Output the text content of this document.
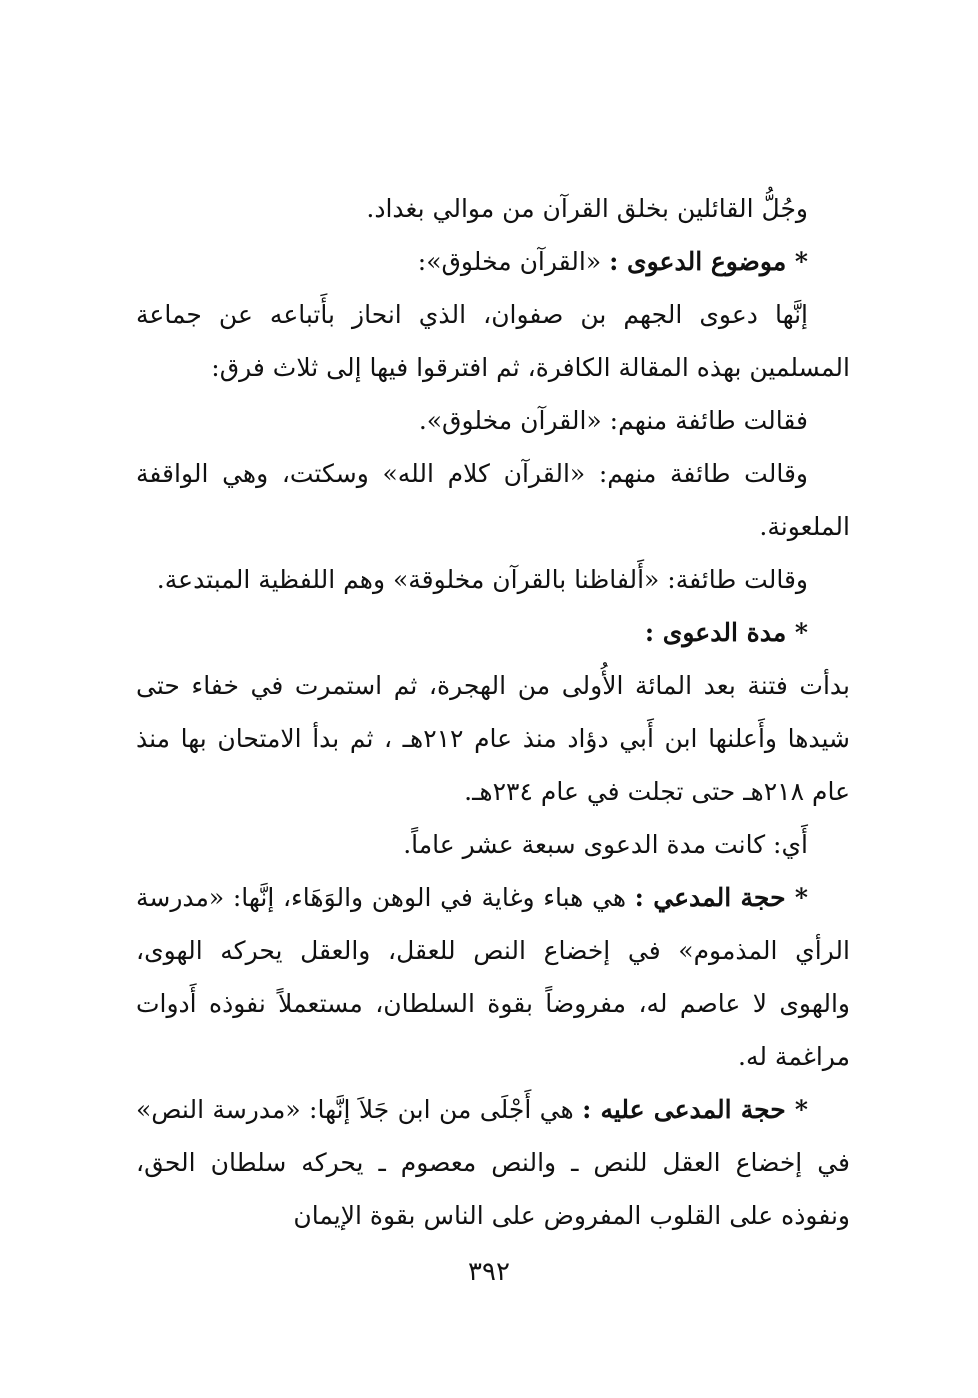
وجُلُّ القائلين بخلق القرآن من موالي بغداد.

* موضوع الدعوى : «القرآن مخلوق»:

إنَّها دعوى الجهم بن صفوان، الذي انحاز بأَتباعه عن جماعة المسلمين بهذه المقالة الكافرة، ثم افترقوا فيها إلى ثلاث فرق:

فقالت طائفة منهم: «القرآن مخلوق».

وقالت طائفة منهم: «القرآن كلام الله» وسكتت، وهي الواقفة الملعونة.

وقالت طائفة: «أَلفاظنا بالقرآن مخلوقة» وهم اللفظية المبتدعة.

* مدة الدعوى :

بدأت فتنة بعد المائة الأُولى من الهجرة، ثم استمرت في خفاء حتى شيدها وأَعلنها ابن أَبي دؤاد منذ عام ٢١٢هـ ، ثم بدأ الامتحان بها منذ عام ٢١٨هـ حتى تجلت في عام ٢٣٤هـ.

أَي: كانت مدة الدعوى سبعة عشر عاماً.

* حجة المدعي : هي هباء وغاية في الوهن والوَهَاء، إنَّها: «مدرسة الرأي المذموم» في إخضاع النص للعقل، والعقل يحركه الهوى، والهوى لا عاصم له، مفروضاً بقوة السلطان، مستعملاً نفوذه أَدوات مراغمة له.

* حجة المدعى عليه : هي أَجْلَى من ابن جَلاَ إنَّها: «مدرسة النص» في إخضاع العقل للنص ـ والنص معصوم ـ يحركه سلطان الحق، ونفوذه على القلوب المفروض على الناس بقوة الإيمان

٣٩٢
